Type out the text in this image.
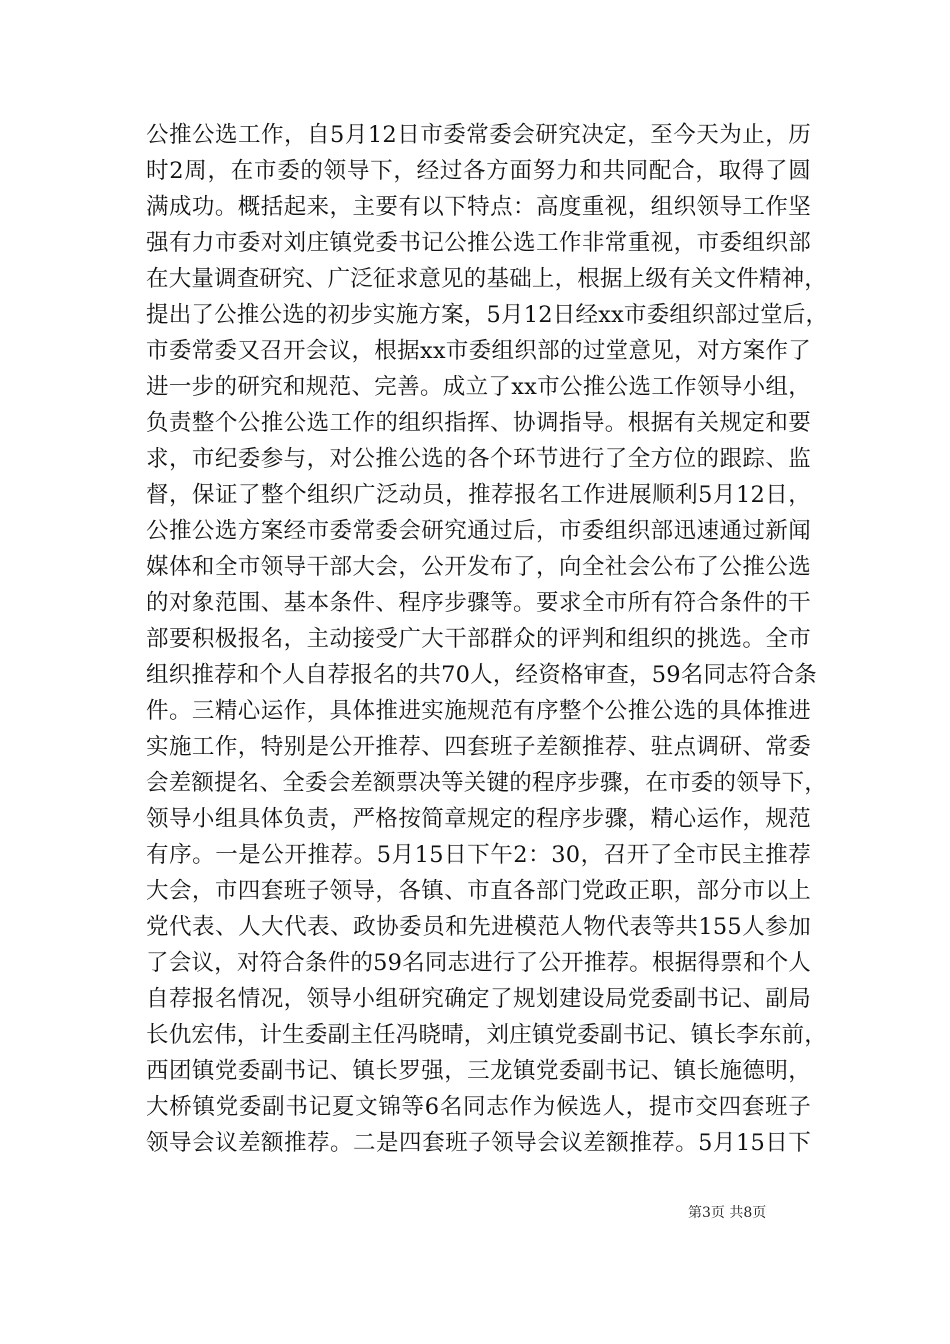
公推公选工作，自5月12日市委常委会研究决定，至今天为止，历
时2周，在市委的领导下，经过各方面努力和共同配合，取得了圆
满成功。概括起来，主要有以下特点：高度重视，组织领导工作坚
强有力市委对刘庄镇党委书记公推公选工作非常重视，市委组织部
在大量调查研究、广泛征求意见的基础上，根据上级有关文件精神，
提出了公推公选的初步实施方案，5月12日经xx市委组织部过堂后，
市委常委又召开会议，根据xx市委组织部的过堂意见，对方案作了
进一步的研究和规范、完善。成立了xx市公推公选工作领导小组，
负责整个公推公选工作的组织指挥、协调指导。根据有关规定和要
求，市纪委参与，对公推公选的各个环节进行了全方位的跟踪、监
督，保证了整个组织广泛动员，推荐报名工作进展顺利5月12日，
公推公选方案经市委常委会研究通过后，市委组织部迅速通过新闻
媒体和全市领导干部大会，公开发布了，向全社会公布了公推公选
的对象范围、基本条件、程序步骤等。要求全市所有符合条件的干
部要积极报名，主动接受广大干部群众的评判和组织的挑选。全市
组织推荐和个人自荐报名的共70人，经资格审查，59名同志符合条
件。三精心运作，具体推进实施规范有序整个公推公选的具体推进
实施工作，特别是公开推荐、四套班子差额推荐、驻点调研、常委
会差额提名、全委会差额票决等关键的程序步骤，在市委的领导下，
领导小组具体负责，严格按简章规定的程序步骤，精心运作，规范
有序。一是公开推荐。5月15日下午2：30，召开了全市民主推荐
大会，市四套班子领导，各镇、市直各部门党政正职，部分市以上
党代表、人大代表、政协委员和先进模范人物代表等共155人参加
了会议，对符合条件的59名同志进行了公开推荐。根据得票和个人
自荐报名情况，领导小组研究确定了规划建设局党委副书记、副局
长仇宏伟，计生委副主任冯晓晴，刘庄镇党委副书记、镇长李东前，
西团镇党委副书记、镇长罗强，三龙镇党委副书记、镇长施德明，
大桥镇党委副书记夏文锦等6名同志作为候选人，提市交四套班子
领导会议差额推荐。二是四套班子领导会议差额推荐。5月15日下
第3页 共8页
